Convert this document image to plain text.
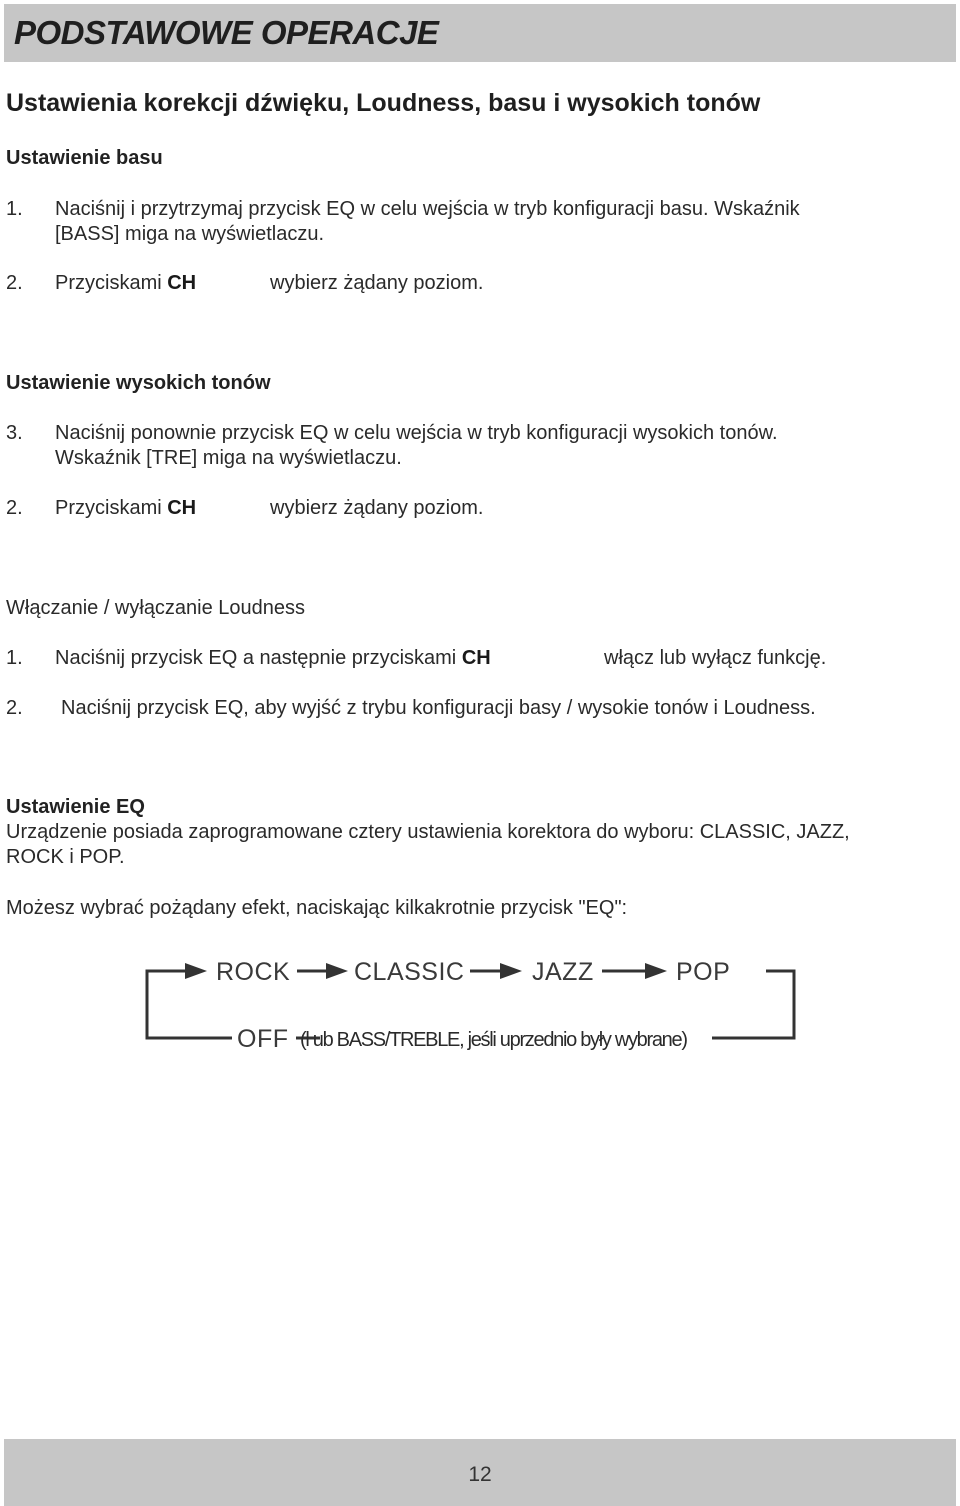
PODSTAWOWE OPERACJE
Ustawienia korekcji dźwięku, Loudness, basu i wysokich tonów
Ustawienie basu
1. Naciśnij i przytrzymaj przycisk EQ w celu wejścia w tryb konfiguracji basu. Wskaźnik
[BASS] miga na wyświetlaczu.
2. Przyciskami CH	wybierz żądany poziom.
Ustawienie wysokich tonów
3. Naciśnij ponownie przycisk EQ w celu wejścia w tryb konfiguracji wysokich tonów.
Wskaźnik [TRE] miga na wyświetlaczu.
2. Przyciskami CH	wybierz żądany poziom.
Włączanie / wyłączanie Loudness
1. Naciśnij przycisk EQ a następnie przyciskami CH	włącz lub wyłącz funkcję.
2. Naciśnij przycisk EQ, aby wyjść z trybu konfiguracji basy / wysokie tonów i Loudness.
Ustawienie EQ
Urządzenie posiada zaprogramowane cztery ustawienia korektora do wyboru: CLASSIC, JAZZ,
ROCK i POP.
Możesz wybrać pożądany efekt, naciskając kilkakrotnie przycisk "EQ":
ROCK	CLASSIC	JAZZ	POP
OFF (l ub BASS/TREBLE, jeśli uprzednio były wybrane)
12
